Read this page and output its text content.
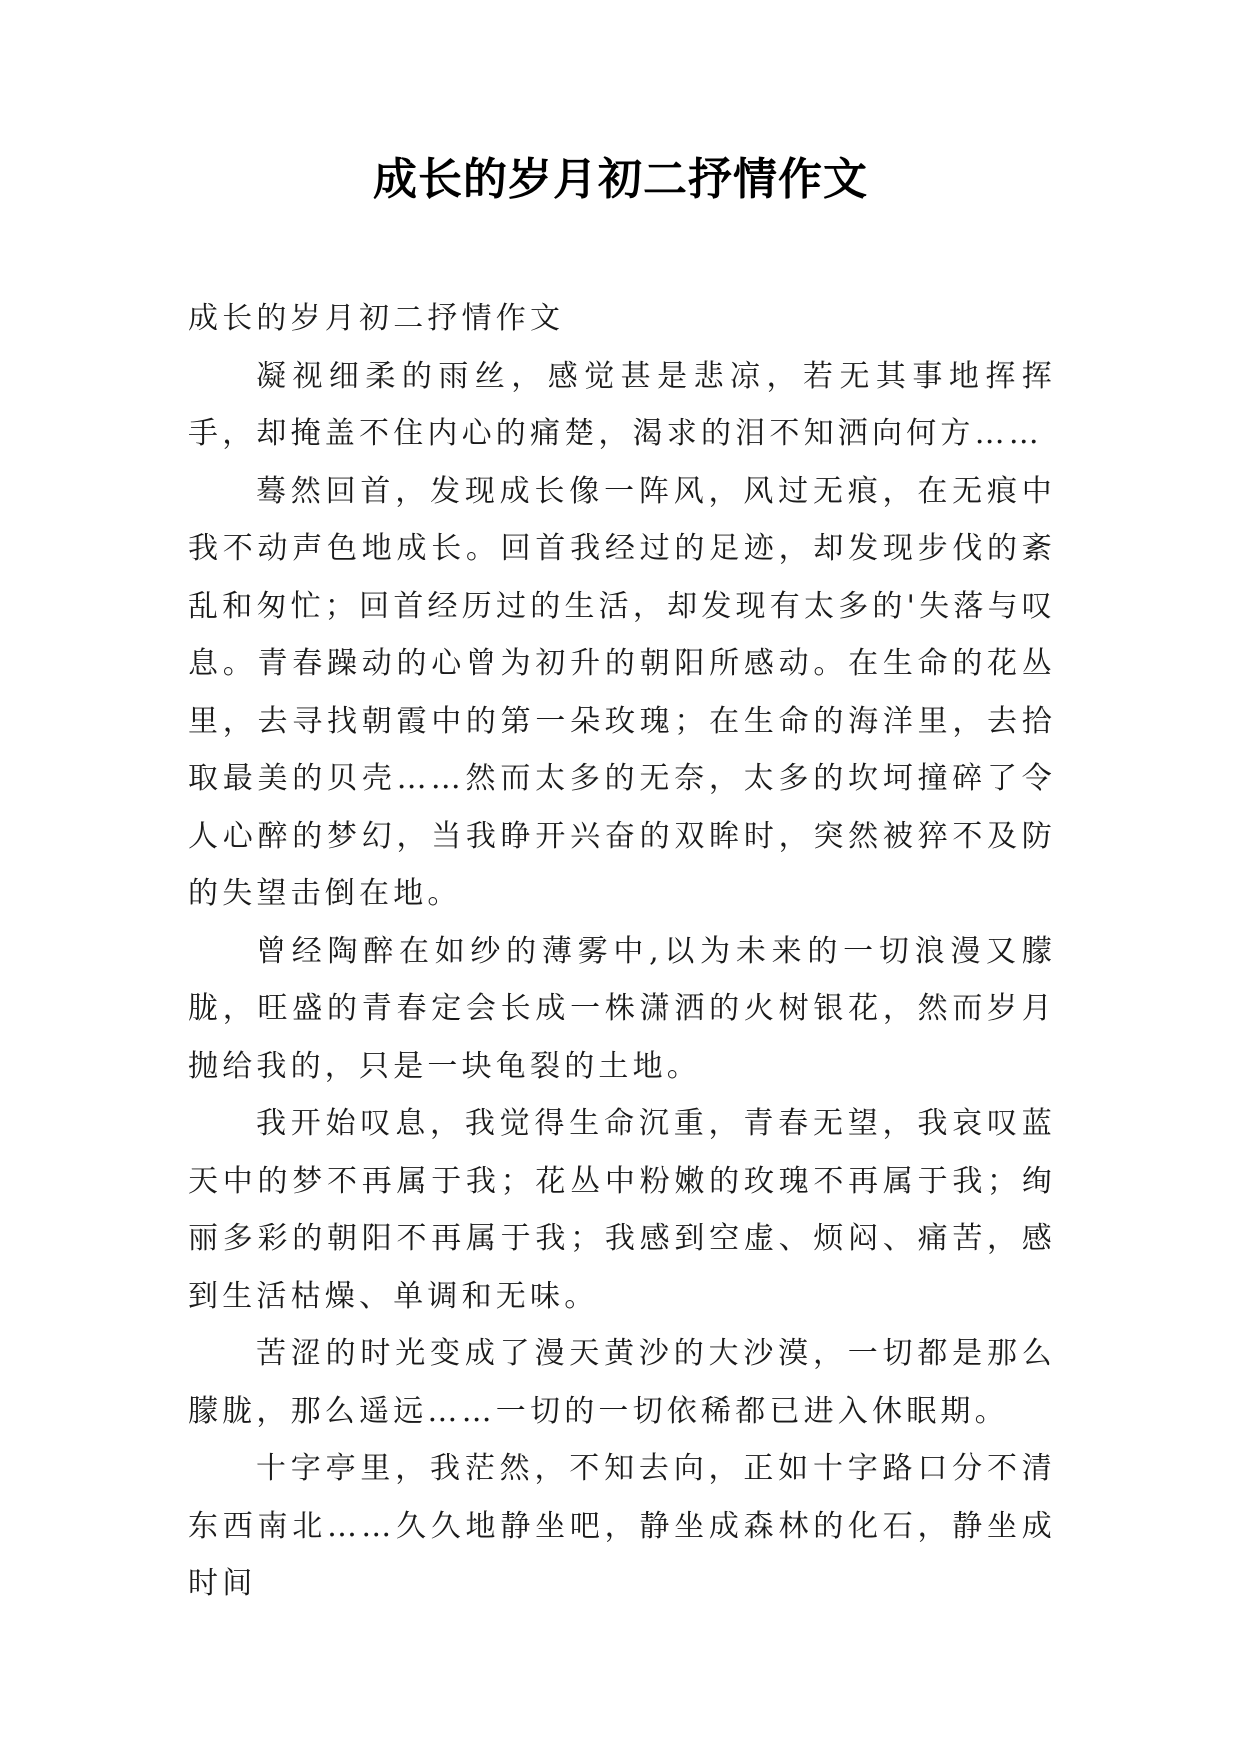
成长的岁月初二抒情作文

成长的岁月初二抒情作文

凝视细柔的雨丝，感觉甚是悲凉，若无其事地挥挥手，却掩盖不住内心的痛楚，渴求的泪不知洒向何方……

蓦然回首，发现成长像一阵风，风过无痕，在无痕中我不动声色地成长。回首我经过的足迹，却发现步伐的紊乱和匆忙；回首经历过的生活，却发现有太多的'失落与叹息。青春躁动的心曾为初升的朝阳所感动。在生命的花丛里，去寻找朝霞中的第一朵玫瑰；在生命的海洋里，去拾取最美的贝壳……然而太多的无奈，太多的坎坷撞碎了令人心醉的梦幻，当我睁开兴奋的双眸时，突然被猝不及防的失望击倒在地。

曾经陶醉在如纱的薄雾中,以为未来的一切浪漫又朦胧，旺盛的青春定会长成一株潇洒的火树银花，然而岁月抛给我的，只是一块龟裂的土地。

我开始叹息，我觉得生命沉重，青春无望，我哀叹蓝天中的梦不再属于我；花丛中粉嫩的玫瑰不再属于我；绚丽多彩的朝阳不再属于我；我感到空虚、烦闷、痛苦，感到生活枯燥、单调和无味。

苦涩的时光变成了漫天黄沙的大沙漠，一切都是那么朦胧，那么遥远……一切的一切依稀都已进入休眠期。

十字亭里，我茫然，不知去向，正如十字路口分不清东西南北……久久地静坐吧，静坐成森林的化石，静坐成时间
